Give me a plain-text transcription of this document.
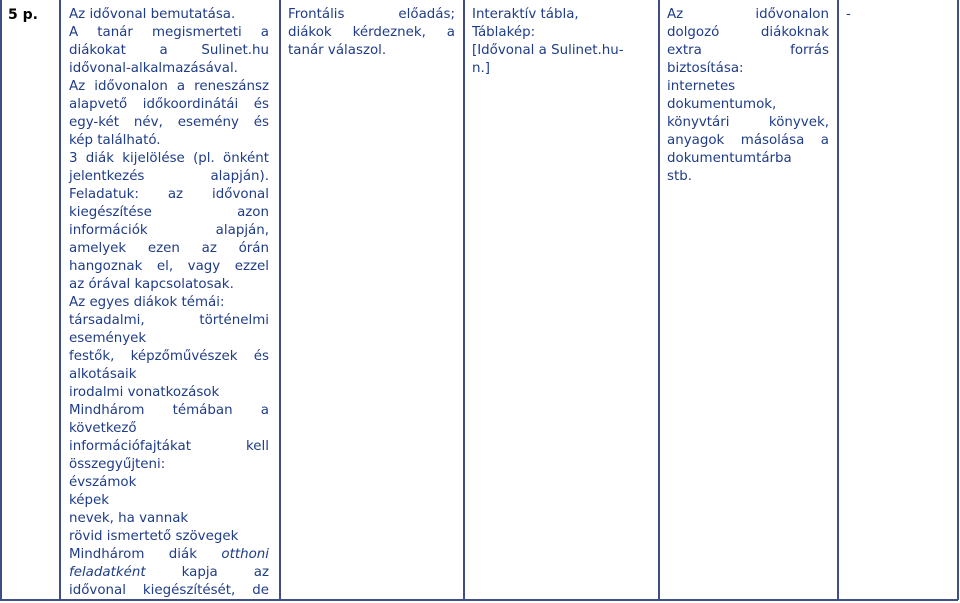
5 p. Az idővonal bemutatása.
A tanár megismerteti a
diákokat a Sulinet.hu
idővonal-alkalmazásával.
Az idővonalon a reneszánsz
alapvető időkoordinátái és
egy-két név, esemény és
kép található.
3 diák kijelölése (pl. önként
jelentkezés alapján).
Feladatuk: az idővonal
kiegészítése azon
információk alapján,
amelyek ezen az órán
hangoznak el, vagy ezzel
az órával kapcsolatosak.
Az egyes diákok témái:
társadalmi, történelmi
események
festők, képzőművészek és
alkotásaik
irodalmi vonatkozások
Mindhárom témában a
következő
információfajtákat kell
összegyűjteni:
évszámok
képek
nevek, ha vannak
rövid ismertető szövegek
Mindhárom diák otthoni
feladatként kapja az
idővonal kiegészítését, de
Frontális előadás;
diákok kérdeznek, a
tanár válaszol.
Interaktív tábla,
Táblakép:
[Idővonal a Sulinet.hu-
n.]
Az idővonalon
dolgozó diákoknak
extra forrás
biztosítása:
internetes
dokumentumok,
könyvtári könyvek,
anyagok másolása a
dokumentumtárba
stb.
-
